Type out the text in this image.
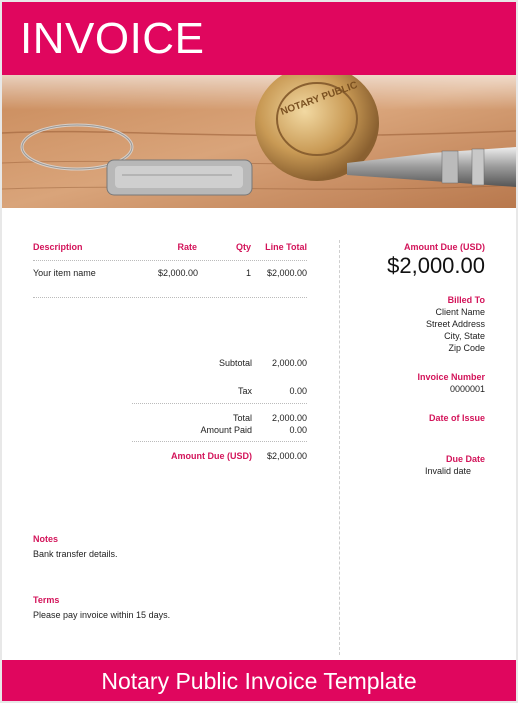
INVOICE
NOTARY PUBLIC
Description	Rate	Qty	Line Total
Your item name	$2,000.00	1	$2,000.00
Subtotal	2,000.00
Tax	0.00
Total	2,000.00
Amount Paid	0.00
Amount Due (USD)	$2,000.00
Notes
Bank transfer details.
Terms
Please pay invoice within 15 days.
Amount Due (USD)
$2,000.00
Billed To
Client Name
Street Address
City, State
Zip Code
Invoice Number
0000001
Date of Issue
Due Date
Invalid date
Notary Public Invoice Template
